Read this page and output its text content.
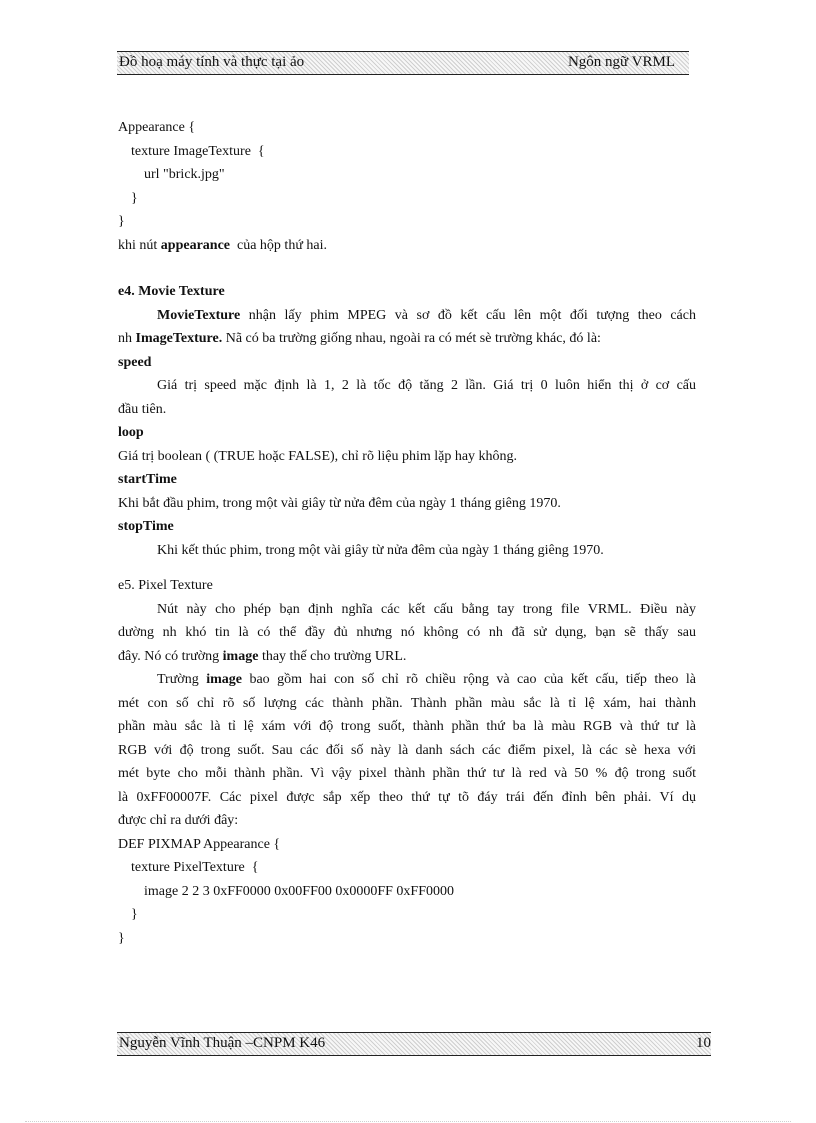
Đồ hoạ máy tính và thực tại ảo	Ngôn ngữ VRML
Appearance {
texture ImageTexture  {
url "brick.jpg"
}
}
khi nút appearance  của hộp thứ hai.
e4. Movie Texture
MovieTexture nhận lấy phim MPEG và sơ đồ kết cấu lên một đối tượng theo cách
nh ImageTexture. Nã có ba trường giống nhau, ngoài ra có mét sè trường khác, đó là:
speed
Giá trị speed mặc định là 1, 2 là tốc độ tăng 2 lần. Giá trị 0 luôn hiển thị ở cơ cấu
đầu tiên.
loop
Giá trị boolean ( (TRUE hoặc FALSE), chỉ rõ liệu phim lặp hay không.
startTime
Khi bắt đầu phim, trong một vài giây từ nửa đêm của ngày 1 tháng giêng 1970.
stopTime
Khi kết thúc phim, trong một vài giây từ nửa đêm của ngày 1 tháng giêng 1970.
e5. Pixel Texture
Nút này cho phép bạn định nghĩa các kết cấu bằng tay trong file VRML. Điều này
dường nh khó tin là có thể đầy đủ nhưng nó không có nh đã sử dụng, bạn sẽ thấy sau
đây. Nó có trường image thay thế cho trường URL.
Trường image bao gồm hai con số chỉ rõ chiều rộng và cao của kết cấu, tiếp theo là
mét con số chỉ rõ số lượng các thành phần. Thành phần màu sắc là tỉ lệ xám, hai thành
phần màu sắc là tỉ lệ xám với độ trong suốt, thành phần thứ ba là màu RGB và thứ tư là
RGB với độ trong suốt. Sau các đối số này là danh sách các điểm pixel, là các sè hexa với
mét byte cho mỗi thành phần. Vì vậy pixel thành phần thứ tư là red và 50 % độ trong suốt
là 0xFF00007F. Các pixel được sắp xếp theo thứ tự tõ đáy trái đến đỉnh bên phải. Ví dụ
được chỉ ra dưới đây:
DEF PIXMAP Appearance {
texture PixelTexture  {
image 2 2 3 0xFF0000 0x00FF00 0x0000FF 0xFF0000
}
}
Nguyễn Vĩnh Thuận –CNPM K46	10
